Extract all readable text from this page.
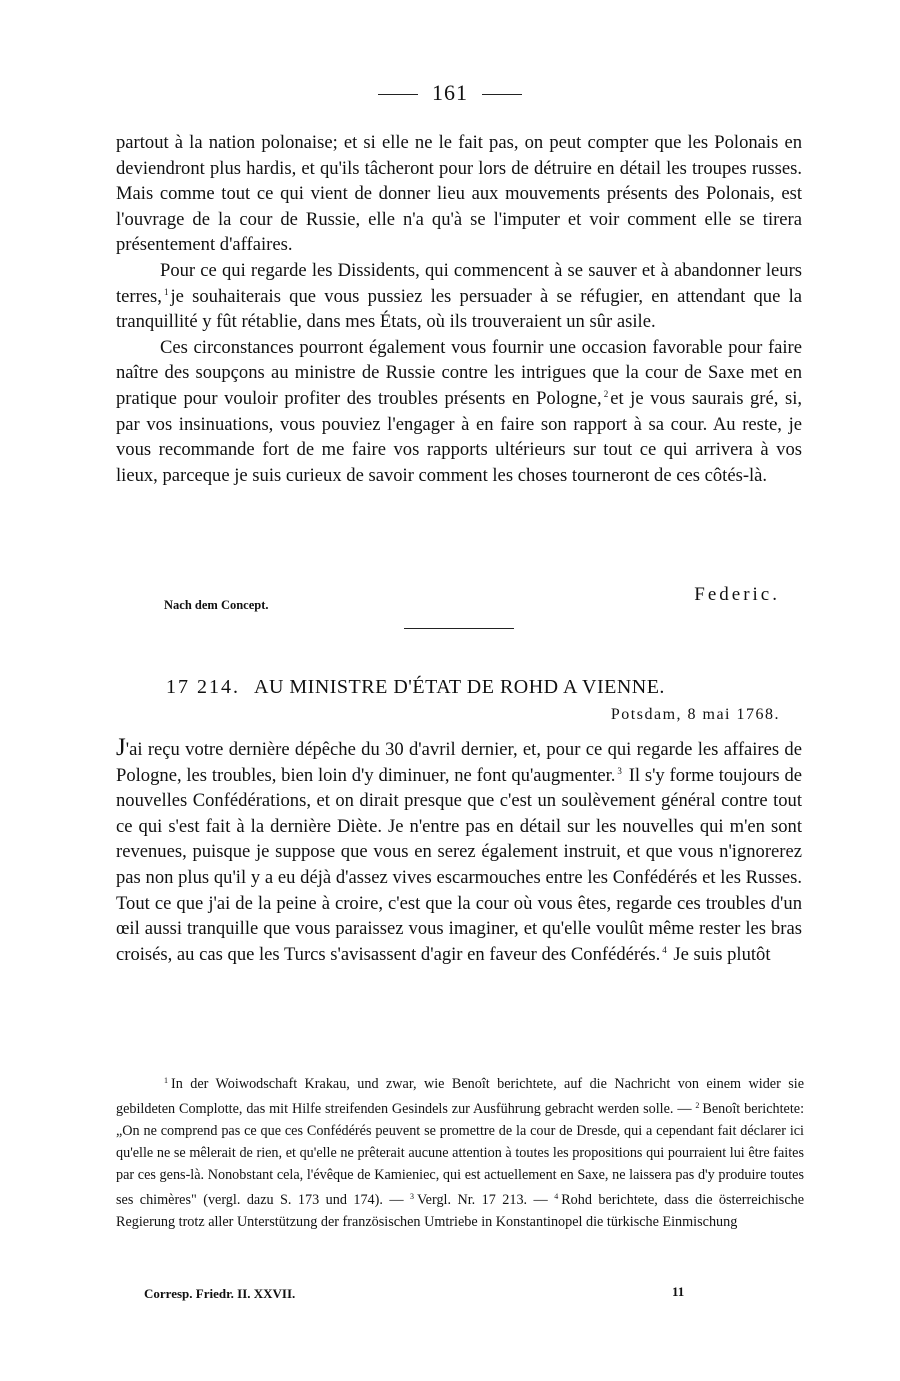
161

partout à la nation polonaise; et si elle ne le fait pas, on peut compter que les Polonais en deviendront plus hardis, et qu'ils tâcheront pour lors de détruire en détail les troupes russes. Mais comme tout ce qui vient de donner lieu aux mouvements présents des Polonais, est l'ouvrage de la cour de Russie, elle n'a qu'à se l'imputer et voir comment elle se tirera présentement d'affaires.

Pour ce qui regarde les Dissidents, qui commencent à se sauver et à abandonner leurs terres, $^1$ je souhaiterais que vous pussiez les persuader à se réfugier, en attendant que la tranquillité y fût rétablie, dans mes États, où ils trouveraient un sûr asile.

Ces circonstances pourront également vous fournir une occasion favorable pour faire naître des soupçons au ministre de Russie contre les intrigues que la cour de Saxe met en pratique pour vouloir profiter des troubles présents en Pologne, $^2$ et je vous saurais gré, si, par vos insinuations, vous pouviez l'engager à en faire son rapport à sa cour. Au reste, je vous recommande fort de me faire vos rapports ultérieurs sur tout ce qui arrivera à vos lieux, parceque je suis curieux de savoir comment les choses tourneront de ces côtés-là.

Nach dem Concept.	Federic.
17 214. AU MINISTRE D'ÉTAT DE ROHD A VIENNE.
Potsdam, 8 mai 1768.

J'ai reçu votre dernière dépêche du 30 d'avril dernier, et, pour ce qui regarde les affaires de Pologne, les troubles, bien loin d'y diminuer, ne font qu'augmenter. $^3$ Il s'y forme toujours de nouvelles Confédérations, et on dirait presque que c'est un soulèvement général contre tout ce qui s'est fait à la dernière Diète. Je n'entre pas en détail sur les nouvelles qui m'en sont revenues, puisque je suppose que vous en serez également instruit, et que vous n'ignorerez pas non plus qu'il y a eu déjà d'assez vives escarmouches entre les Confédérés et les Russes. Tout ce que j'ai de la peine à croire, c'est que la cour où vous êtes, regarde ces troubles d'un œil aussi tranquille que vous paraissez vous imaginer, et qu'elle voulût même rester les bras croisés, au cas que les Turcs s'avisassent d'agir en faveur des Confédérés. $^4$ Je suis plutôt

$^1$ In der Woiwodschaft Krakau, und zwar, wie Benoît berichtete, auf die Nachricht von einem wider sie gebildeten Complotte, das mit Hilfe streifenden Gesindels zur Ausführung gebracht werden solle. — $^2$ Benoît berichtete: „On ne comprend pas ce que ces Confédérés peuvent se promettre de la cour de Dresde, qui a cependant fait déclarer ici qu'elle ne se mêlerait de rien, et qu'elle ne prêterait aucune attention à toutes les propositions qui pourraient lui être faites par ces gens-là. Nonobstant cela, l'évêque de Kamieniec, qui est actuellement en Saxe, ne laissera pas d'y produire toutes ses chimères" (vergl. dazu S. 173 und 174). — $^3$ Vergl. Nr. 17 213. — $^4$ Rohd berichtete, dass die österreichische Regierung trotz aller Unterstützung der französischen Umtriebe in Konstantinopel die türkische Einmischung

Corresp. Friedr. II. XXVII.	11
